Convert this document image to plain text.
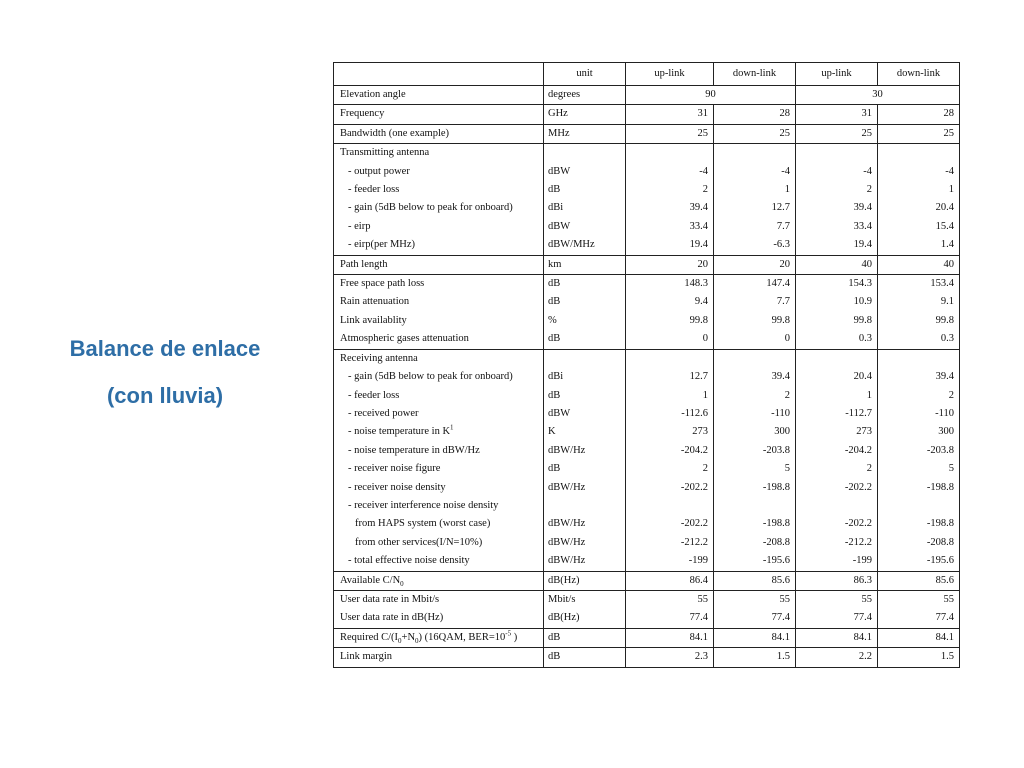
Balance de enlace
(con lluvia)
	unit	up-link	down-link	up-link	down-link
Elevation angle	degrees	90		30	
Frequency	GHz	31	28	31	28
Bandwidth (one example)	MHz	25	25	25	25
Transmitting antenna					
- output power	dBW	-4	-4	-4	-4
- feeder loss	dB	2	1	2	1
- gain (5dB below to peak for onboard)	dBi	39.4	12.7	39.4	20.4
- eirp	dBW	33.4	7.7	33.4	15.4
- eirp(per MHz)	dBW/MHz	19.4	-6.3	19.4	1.4
Path length	km	20	20	40	40
Free space path loss	dB	148.3	147.4	154.3	153.4
Rain attenuation	dB	9.4	7.7	10.9	9.1
Link availablity	%	99.8	99.8	99.8	99.8
Atmospheric gases attenuation	dB	0	0	0.3	0.3
Receiving antenna					
- gain (5dB below to peak for onboard)	dBi	12.7	39.4	20.4	39.4
- feeder loss	dB	1	2	1	2
- received power	dBW	-112.6	-110	-112.7	-110
- noise temperature in $K^1$	K	273	300	273	300
- noise temperature in dBW/Hz	dBW/Hz	-204.2	-203.8	-204.2	-203.8
- receiver noise figure	dB	2	5	2	5
- receiver noise density	dBW/Hz	-202.2	-198.8	-202.2	-198.8
- receiver interference noise density					
from HAPS system (worst case)	dBW/Hz	-202.2	-198.8	-202.2	-198.8
from other services(I/N=10%)	dBW/Hz	-212.2	-208.8	-212.2	-208.8
- total effective noise density	dBW/Hz	-199	-195.6	-199	-195.6
Available $C/N_0$	dB(Hz)	86.4	85.6	86.3	85.6
User data rate in Mbit/s	Mbit/s	55	55	55	55
User data rate in dB(Hz)	dB(Hz)	77.4	77.4	77.4	77.4
Required $C/(I_0+N_0)$ (16QAM, $BER=10^{-5}$ )	dB	84.1	84.1	84.1	84.1
Link margin	dB	2.3	1.5	2.2	1.5
